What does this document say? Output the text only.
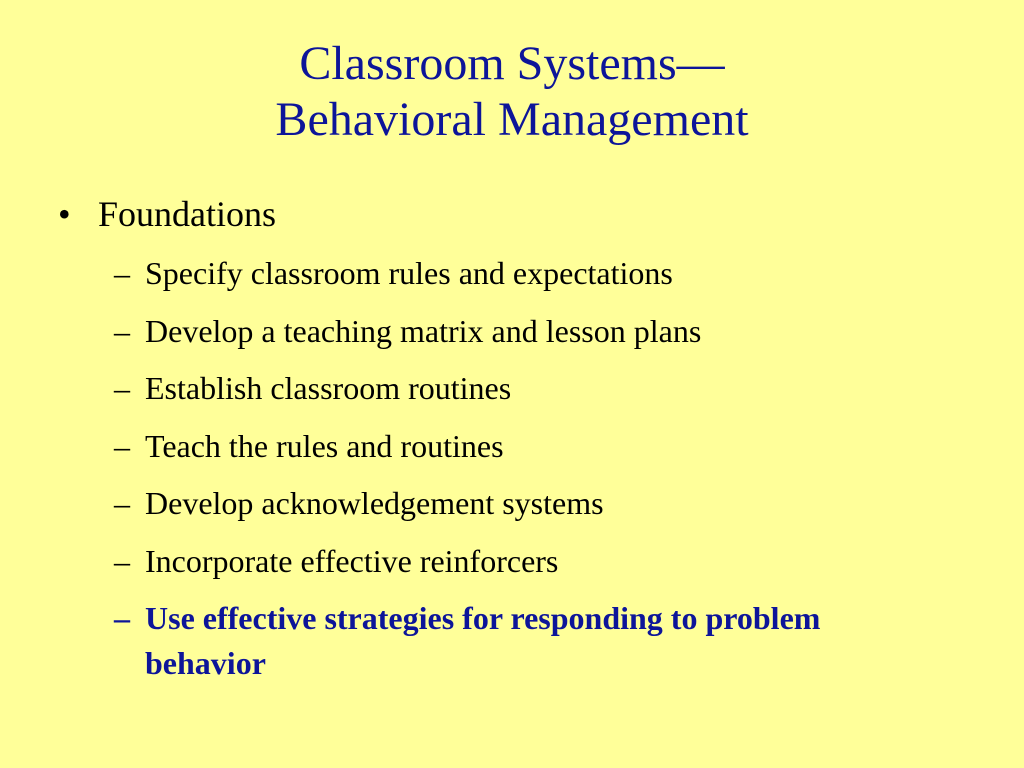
Classroom Systems—
Behavioral Management
• Foundations
– Specify classroom rules and expectations
– Develop a teaching matrix and lesson plans
– Establish classroom routines
– Teach the rules and routines
– Develop acknowledgement systems
– Incorporate effective reinforcers
– Use effective strategies for responding to problem behavior
